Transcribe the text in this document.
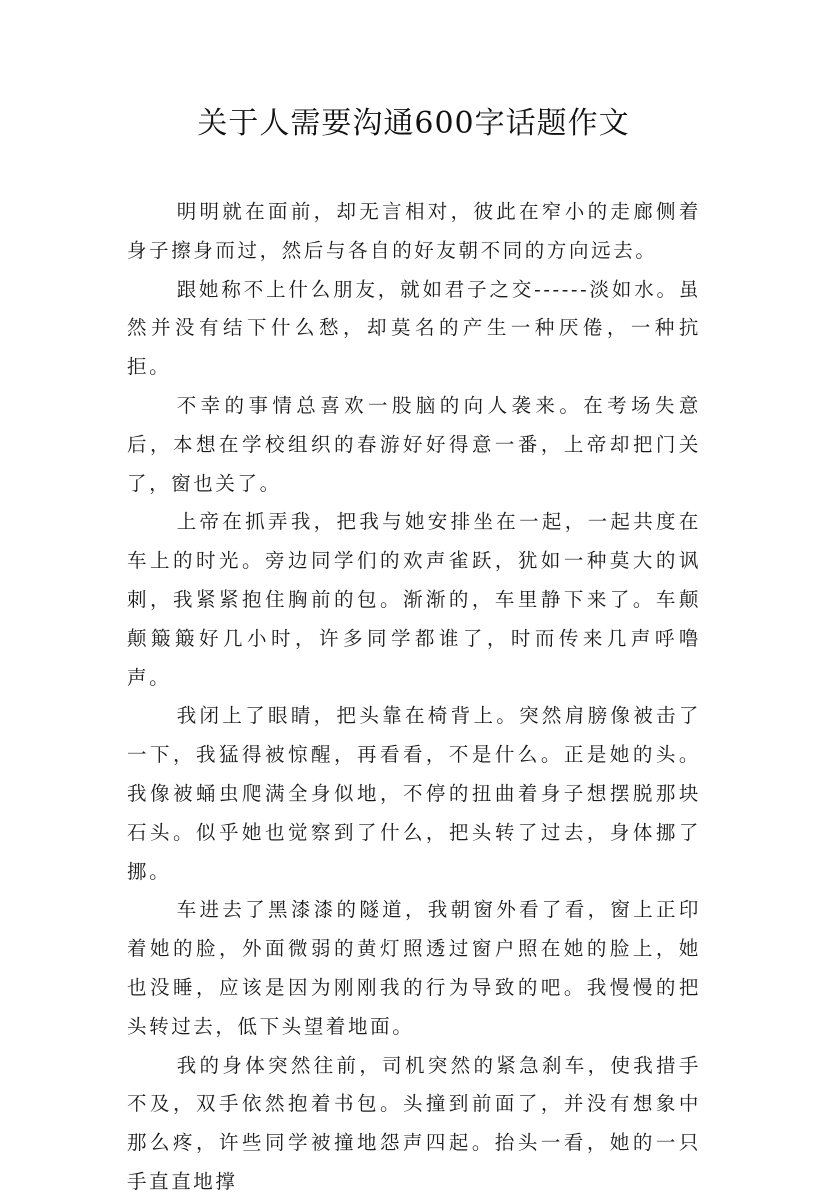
关于人需要沟通600字话题作文

明明就在面前，却无言相对，彼此在窄小的走廊侧着身子擦身而过，然后与各自的好友朝不同的方向远去。

跟她称不上什么朋友，就如君子之交------淡如水。虽然并没有结下什么愁，却莫名的产生一种厌倦，一种抗拒。

不幸的事情总喜欢一股脑的向人袭来。在考场失意后，本想在学校组织的春游好好得意一番，上帝却把门关了，窗也关了。

上帝在抓弄我，把我与她安排坐在一起，一起共度在车上的时光。旁边同学们的欢声雀跃，犹如一种莫大的讽刺，我紧紧抱住胸前的包。渐渐的，车里静下来了。车颠颠簸簸好几小时，许多同学都谁了，时而传来几声呼噜声。

我闭上了眼睛，把头靠在椅背上。突然肩膀像被击了一下，我猛得被惊醒，再看看，不是什么。正是她的头。我像被蛹虫爬满全身似地，不停的扭曲着身子想摆脱那块石头。似乎她也觉察到了什么，把头转了过去，身体挪了挪。

车进去了黑漆漆的隧道，我朝窗外看了看，窗上正印着她的脸，外面微弱的黄灯照透过窗户照在她的脸上，她也没睡，应该是因为刚刚我的行为导致的吧。我慢慢的把头转过去，低下头望着地面。

我的身体突然往前，司机突然的紧急刹车，使我措手不及，双手依然抱着书包。头撞到前面了，并没有想象中那么疼，许些同学被撞地怨声四起。抬头一看，她的一只手直直地撑
